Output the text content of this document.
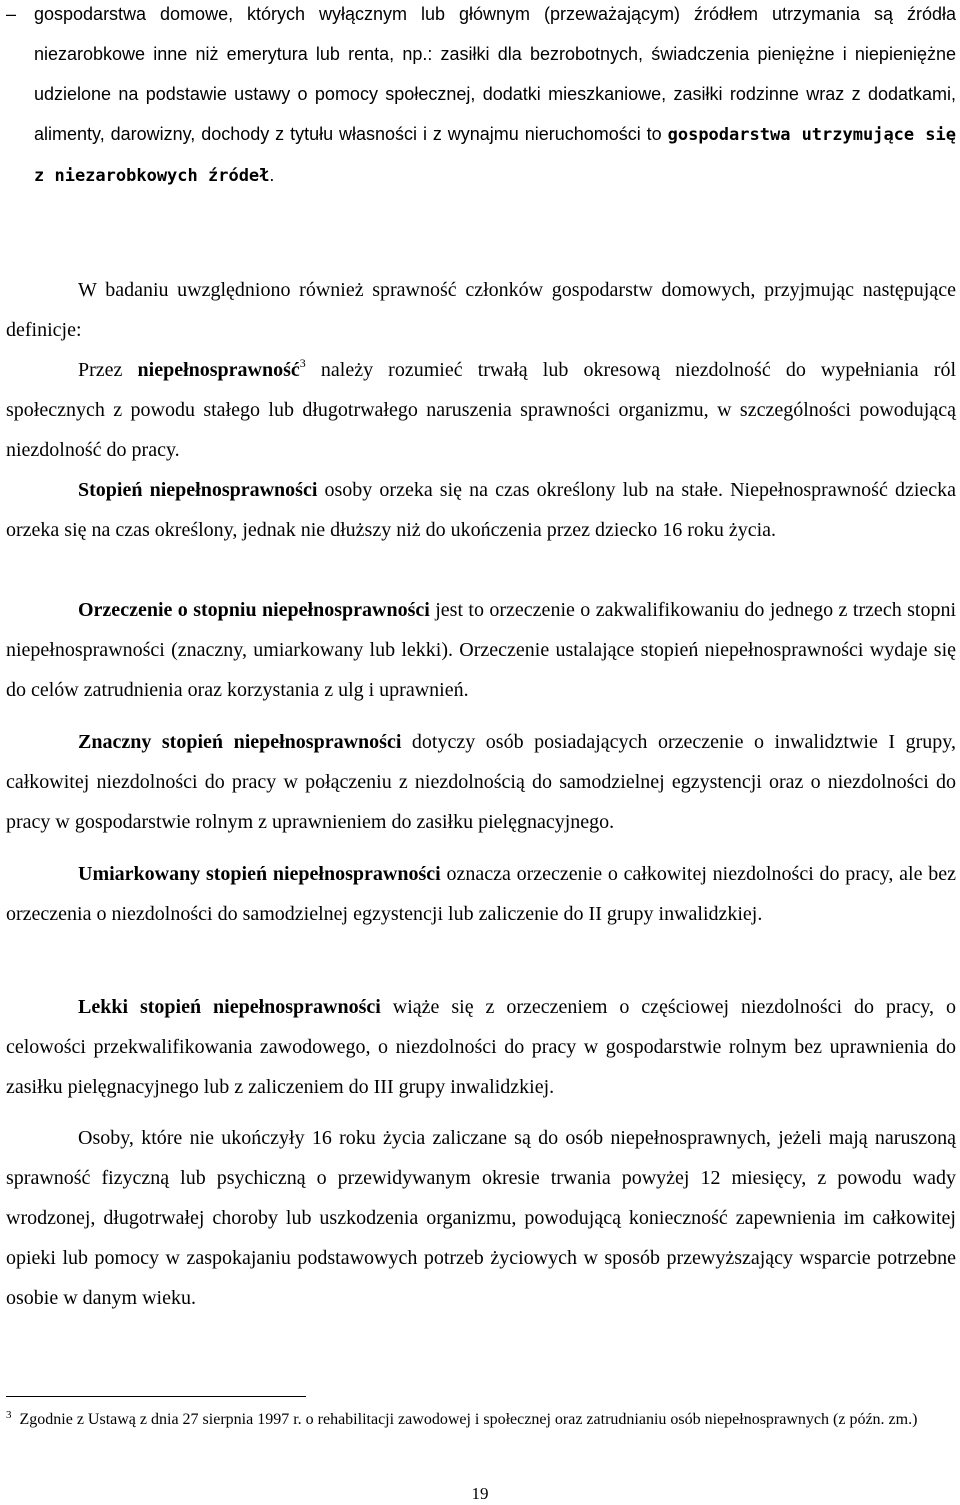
– gospodarstwa domowe, których wyłącznym lub głównym (przeważającym) źródłem utrzymania są źródła niezarobkowe inne niż emerytura lub renta, np.: zasiłki dla bezrobotnych, świadczenia pieniężne i niepieniężne udzielone na podstawie ustawy o pomocy społecznej, dodatki mieszkaniowe, zasiłki rodzinne wraz z dodatkami, alimenty, darowizny, dochody z tytułu własności i z wynajmu nieruchomości to gospodarstwa utrzymujące się z niezarobkowych źródeł.
W badaniu uwzględniono również sprawność członków gospodarstw domowych, przyjmując następujące definicje:
Przez niepełnosprawność$^3$ należy rozumieć trwałą lub okresową niezdolność do wypełniania ról społecznych z powodu stałego lub długotrwałego naruszenia sprawności organizmu, w szczególności powodującą niezdolność do pracy.
Stopień niepełnosprawności osoby orzeka się na czas określony lub na stałe. Niepełnosprawność dziecka orzeka się na czas określony, jednak nie dłuższy niż do ukończenia przez dziecko 16 roku życia.
Orzeczenie o stopniu niepełnosprawności jest to orzeczenie o zakwalifikowaniu do jednego z trzech stopni niepełnosprawności (znaczny, umiarkowany lub lekki). Orzeczenie ustalające stopień niepełnosprawności wydaje się do celów zatrudnienia oraz korzystania z ulg i uprawnień.
Znaczny stopień niepełnosprawności dotyczy osób posiadających orzeczenie o inwalidztwie I grupy, całkowitej niezdolności do pracy w połączeniu z niezdolnością do samodzielnej egzystencji oraz o niezdolności do pracy w gospodarstwie rolnym z uprawnieniem do zasiłku pielęgnacyjnego.
Umiarkowany stopień niepełnosprawności oznacza orzeczenie o całkowitej niezdolności do pracy, ale bez orzeczenia o niezdolności do samodzielnej egzystencji lub zaliczenie do II grupy inwalidzkiej.
Lekki stopień niepełnosprawności wiąże się z orzeczeniem o częściowej niezdolności do pracy, o celowości przekwalifikowania zawodowego, o niezdolności do pracy w gospodarstwie rolnym bez uprawnienia do zasiłku pielęgnacyjnego lub z zaliczeniem do III grupy inwalidzkiej.
Osoby, które nie ukończyły 16 roku życia zaliczane są do osób niepełnosprawnych, jeżeli mają naruszoną sprawność fizyczną lub psychiczną o przewidywanym okresie trwania powyżej 12 miesięcy, z powodu wady wrodzonej, długotrwałej choroby lub uszkodzenia organizmu, powodującą konieczność zapewnienia im całkowitej opieki lub pomocy w zaspokajaniu podstawowych potrzeb życiowych w sposób przewyższający wsparcie potrzebne osobie w danym wieku.
$^3$ Zgodnie z Ustawą z dnia 27 sierpnia 1997 r. o rehabilitacji zawodowej i społecznej oraz zatrudnianiu osób niepełnosprawnych (z późn. zm.)
19
